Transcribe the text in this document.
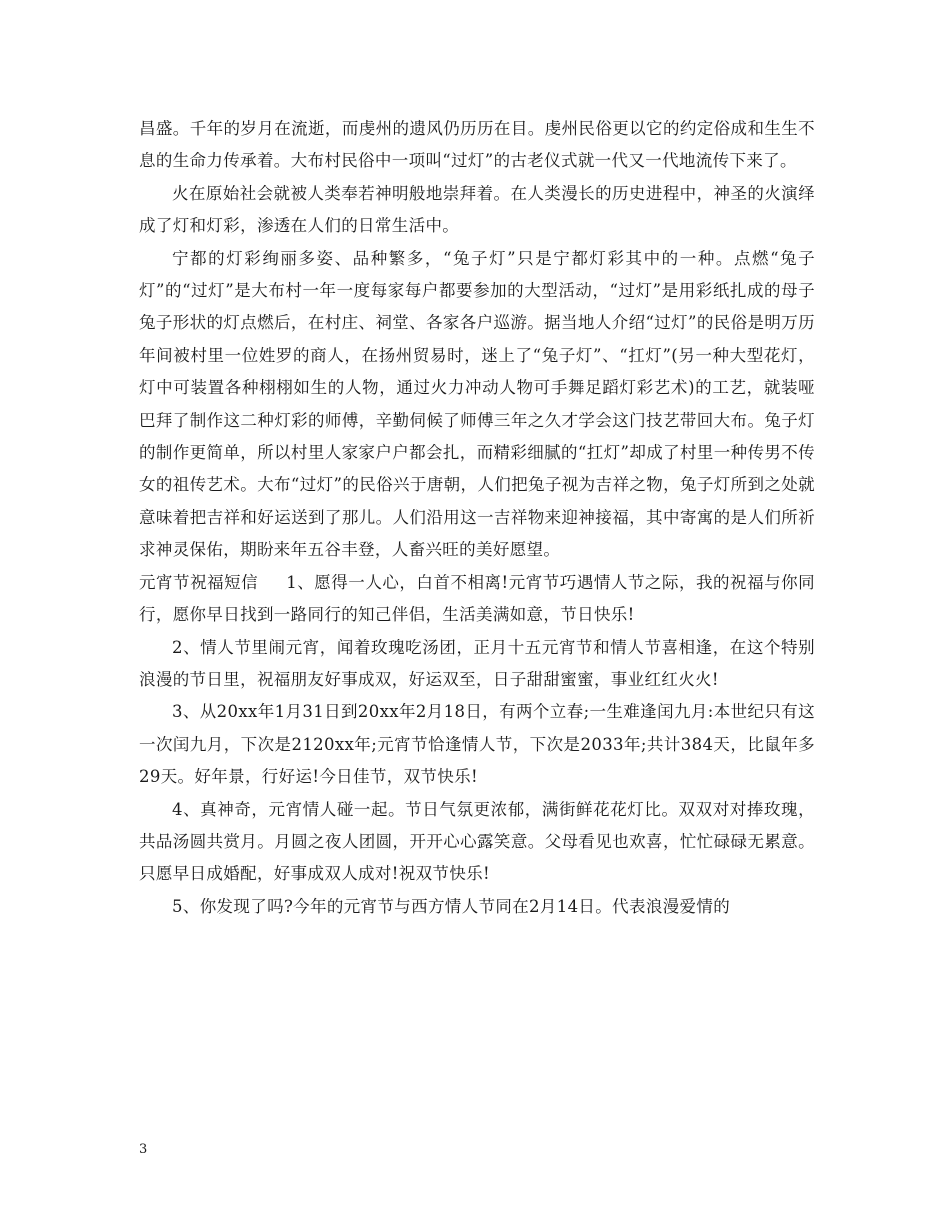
昌盛。千年的岁月在流逝，而虔州的遗风仍历历在目。虔州民俗更以它的约定俗成和生生不息的生命力传承着。大布村民俗中一项叫“过灯”的古老仪式就一代又一代地流传下来了。

火在原始社会就被人类奉若神明般地崇拜着。在人类漫长的历史进程中，神圣的火演绎成了灯和灯彩，渗透在人们的日常生活中。

宁都的灯彩绚丽多姿、品种繁多，“兔子灯”只是宁都灯彩其中的一种。点燃“兔子灯”的“过灯”是大布村一年一度每家每户都要参加的大型活动，“过灯”是用彩纸扎成的母子兔子形状的灯点燃后，在村庄、祠堂、各家各户巡游。据当地人介绍“过灯”的民俗是明万历年间被村里一位姓罗的商人，在扬州贸易时，迷上了“兔子灯”、“扛灯”(另一种大型花灯，灯中可装置各种栩栩如生的人物，通过火力冲动人物可手舞足蹈灯彩艺术)的工艺，就装哑巴拜了制作这二种灯彩的师傅，辛勤伺候了师傅三年之久才学会这门技艺带回大布。兔子灯的制作更简单，所以村里人家家户户都会扎，而精彩细腻的“扛灯”却成了村里一种传男不传女的祖传艺术。大布“过灯”的民俗兴于唐朝，人们把兔子视为吉祥之物，兔子灯所到之处就意味着把吉祥和好运送到了那儿。人们沿用这一吉祥物来迎神接福，其中寄寓的是人们所祈求神灵保佑，期盼来年五谷丰登，人畜兴旺的美好愿望。

元宵节祝福短信 1、愿得一人心，白首不相离!元宵节巧遇情人节之际，我的祝福与你同行，愿你早日找到一路同行的知己伴侣，生活美满如意，节日快乐!

2、情人节里闹元宵，闻着玫瑰吃汤团，正月十五元宵节和情人节喜相逢，在这个特别浪漫的节日里，祝福朋友好事成双，好运双至，日子甜甜蜜蜜，事业红红火火!

3、从20xx年1月31日到20xx年2月18日，有两个立春;一生难逢闰九月:本世纪只有这一次闰九月，下次是2120xx年;元宵节恰逢情人节，下次是2033年;共计384天，比鼠年多29天。好年景，行好运!今日佳节，双节快乐!

4、真神奇，元宵情人碰一起。节日气氛更浓郁，满街鲜花花灯比。双双对对捧玫瑰，共品汤圆共赏月。月圆之夜人团圆，开开心心露笑意。父母看见也欢喜，忙忙碌碌无累意。只愿早日成婚配，好事成双人成对!祝双节快乐!

5、你发现了吗?今年的元宵节与西方情人节同在2月14日。代表浪漫爱情的

3
